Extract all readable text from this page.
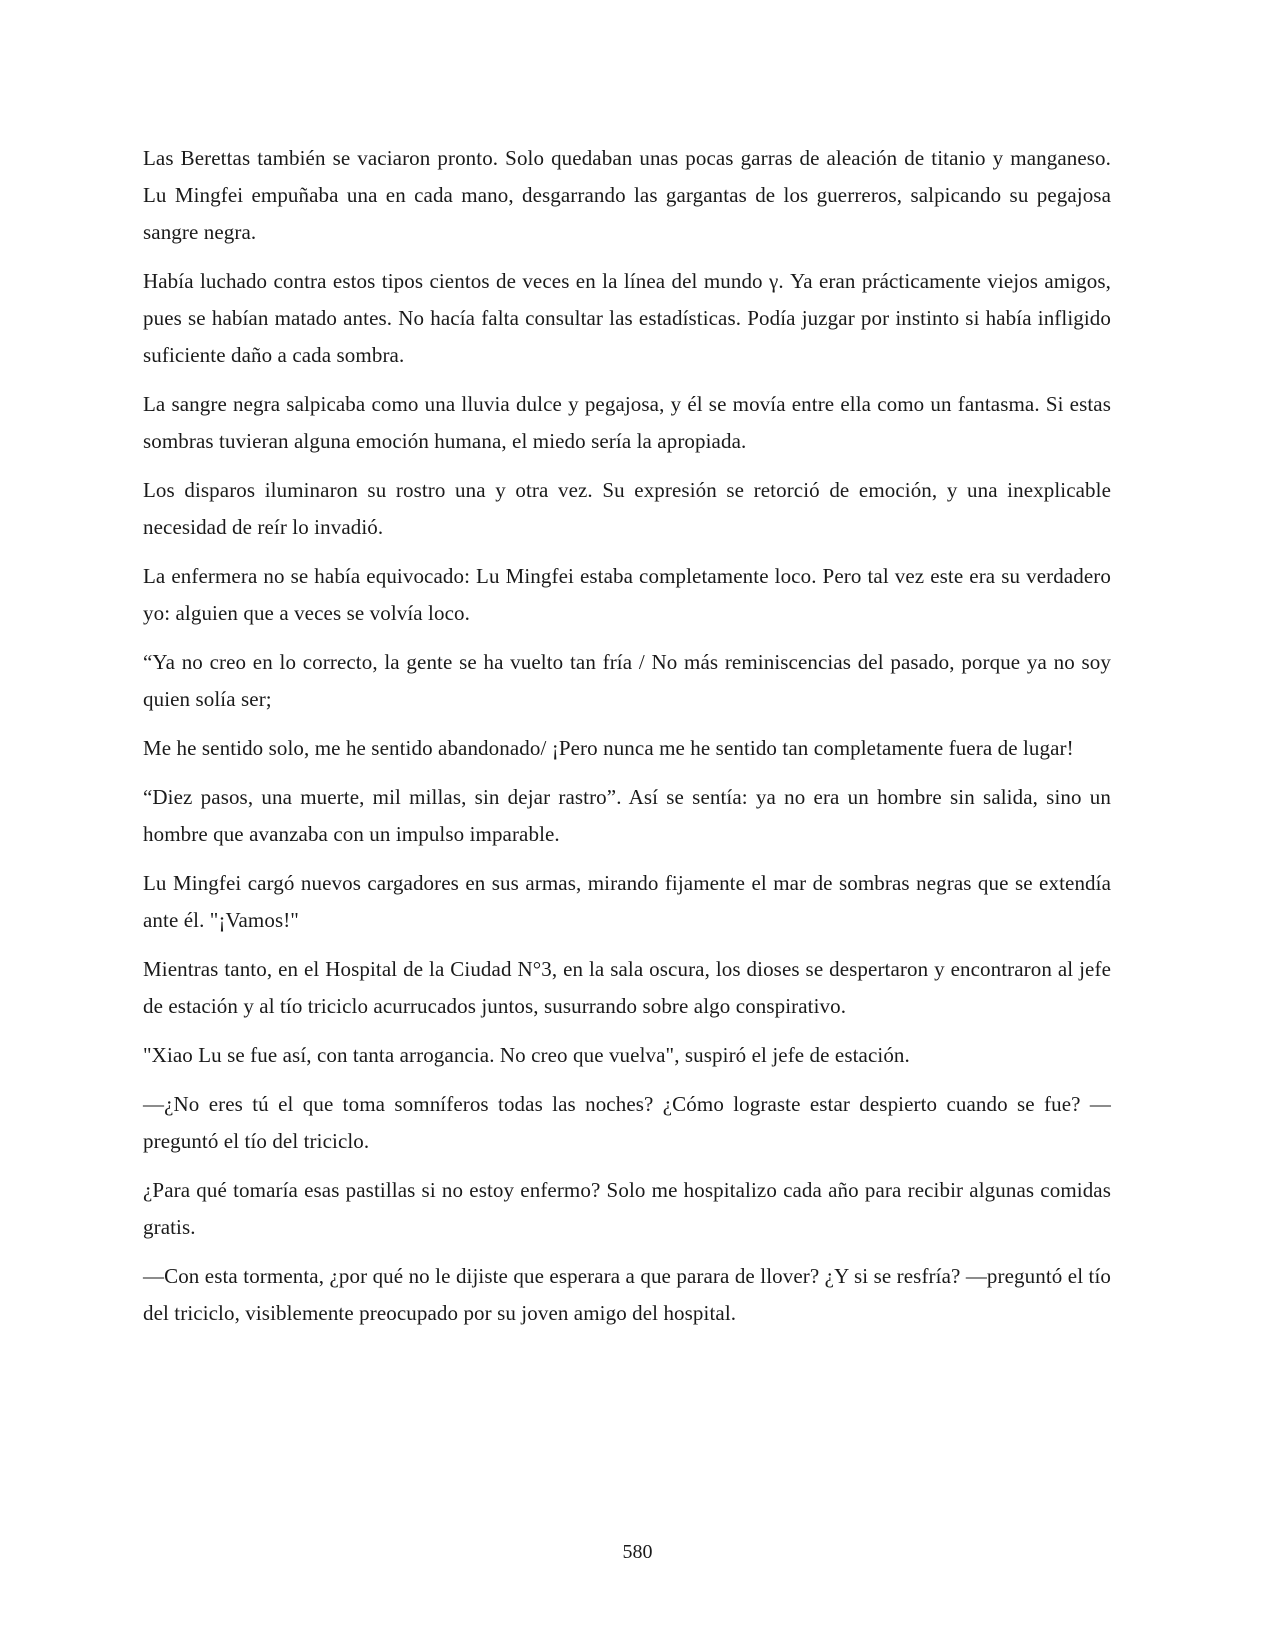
Las Berettas también se vaciaron pronto. Solo quedaban unas pocas garras de aleación de titanio y manganeso. Lu Mingfei empuñaba una en cada mano, desgarrando las gargantas de los guerreros, salpicando su pegajosa sangre negra.

Había luchado contra estos tipos cientos de veces en la línea del mundo γ. Ya eran prácticamente viejos amigos, pues se habían matado antes. No hacía falta consultar las estadísticas. Podía juzgar por instinto si había infligido suficiente daño a cada sombra.

La sangre negra salpicaba como una lluvia dulce y pegajosa, y él se movía entre ella como un fantasma. Si estas sombras tuvieran alguna emoción humana, el miedo sería la apropiada.

Los disparos iluminaron su rostro una y otra vez. Su expresión se retorció de emoción, y una inexplicable necesidad de reír lo invadió.

La enfermera no se había equivocado: Lu Mingfei estaba completamente loco. Pero tal vez este era su verdadero yo: alguien que a veces se volvía loco.

“Ya no creo en lo correcto, la gente se ha vuelto tan fría / No más reminiscencias del pasado, porque ya no soy quien solía ser;

Me he sentido solo, me he sentido abandonado/ ¡Pero nunca me he sentido tan completamente fuera de lugar!

“Diez pasos, una muerte, mil millas, sin dejar rastro”. Así se sentía: ya no era un hombre sin salida, sino un hombre que avanzaba con un impulso imparable.

Lu Mingfei cargó nuevos cargadores en sus armas, mirando fijamente el mar de sombras negras que se extendía ante él. "¡Vamos!"

Mientras tanto, en el Hospital de la Ciudad N°3, en la sala oscura, los dioses se despertaron y encontraron al jefe de estación y al tío triciclo acurrucados juntos, susurrando sobre algo conspirativo.

"Xiao Lu se fue así, con tanta arrogancia. No creo que vuelva", suspiró el jefe de estación.

—¿No eres tú el que toma somníferos todas las noches? ¿Cómo lograste estar despierto cuando se fue? —preguntó el tío del triciclo.

¿Para qué tomaría esas pastillas si no estoy enfermo? Solo me hospitalizo cada año para recibir algunas comidas gratis.

—Con esta tormenta, ¿por qué no le dijiste que esperara a que parara de llover? ¿Y si se resfría? —preguntó el tío del triciclo, visiblemente preocupado por su joven amigo del hospital.

580
